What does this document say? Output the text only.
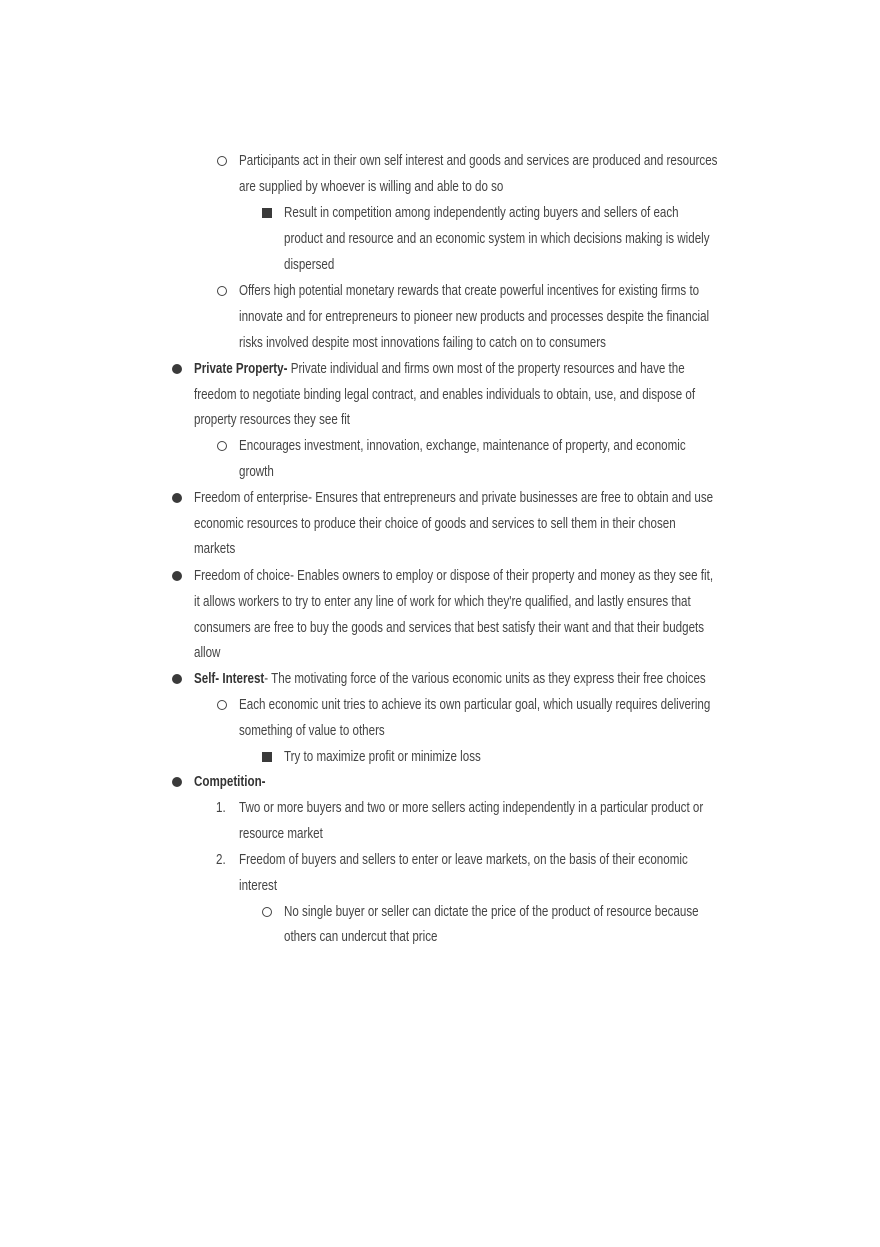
Participants act in their own self interest and goods and services are produced and resources
are supplied by whoever is willing and able to do so
Result in competition among independently acting buyers and sellers of each
product and resource and an economic system in which decisions making is widely
dispersed
Offers high potential monetary rewards that create powerful incentives for existing firms to
innovate and for entrepreneurs to pioneer new products and processes despite the financial
risks involved despite most innovations failing to catch on to consumers
Private Property- Private individual and firms own most of the property resources and have the
freedom to negotiate binding legal contract, and enables individuals to obtain, use, and dispose of
property resources they see fit
Encourages investment, innovation, exchange, maintenance of property, and economic
growth
Freedom of enterprise- Ensures that entrepreneurs and private businesses are free to obtain and use
economic resources to produce their choice of goods and services to sell them in their chosen
markets
Freedom of choice- Enables owners to employ or dispose of their property and money as they see fit,
it allows workers to try to enter any line of work for which they're qualified, and lastly ensures that
consumers are free to buy the goods and services that best satisfy their want and that their budgets
allow
Self- Interest- The motivating force of the various economic units as they express their free choices
Each economic unit tries to achieve its own particular goal, which usually requires delivering
something of value to others
Try to maximize profit or minimize loss
Competition-
1. Two or more buyers and two or more sellers acting independently in a particular product or
resource market
2. Freedom of buyers and sellers to enter or leave markets, on the basis of their economic
interest
No single buyer or seller can dictate the price of the product of resource because
others can undercut that price
